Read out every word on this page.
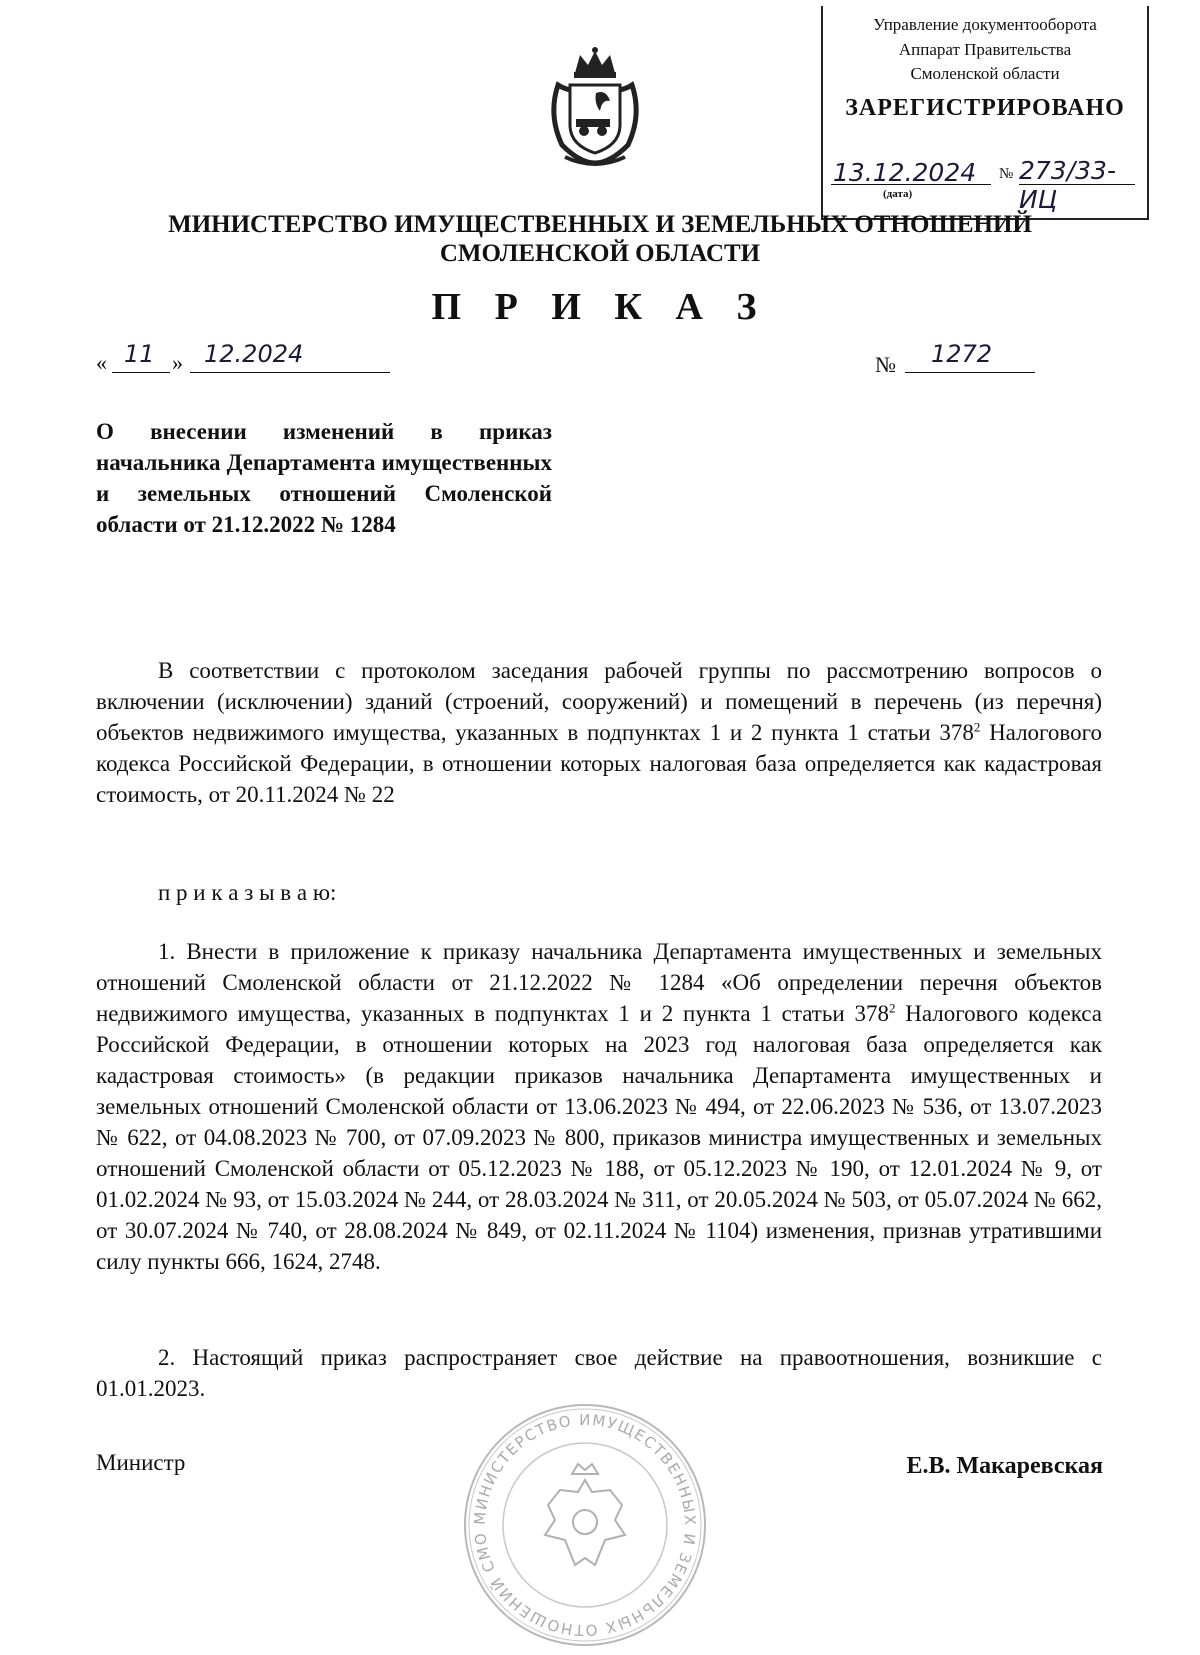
Управление документооборота
Аппарат Правительства
Смоленской области
ЗАРЕГИСТРИРОВАНО
13.12.2024 № 273/33-ИЦ
(дата)
МИНИСТЕРСТВО ИМУЩЕСТВЕННЫХ И ЗЕМЕЛЬНЫХ ОТНОШЕНИЙ
СМОЛЕНСКОЙ ОБЛАСТИ
П Р И К А З
« 11 » 12.2024	№ 1272
О внесении изменений в приказ начальника Департамента имущественных и земельных отношений Смоленской области от 21.12.2022 № 1284
В соответствии с протоколом заседания рабочей группы по рассмотрению вопросов о включении (исключении) зданий (строений, сооружений) и помещений в перечень (из перечня) объектов недвижимого имущества, указанных в подпунктах 1 и 2 пункта 1 статьи $378^2$ Налогового кодекса Российской Федерации, в отношении которых налоговая база определяется как кадастровая стоимость, от 20.11.2024 № 22
п р и к а з ы в а ю:
1. Внести в приложение к приказу начальника Департамента имущественных и земельных отношений Смоленской области от 21.12.2022 № 1284 «Об определении перечня объектов недвижимого имущества, указанных в подпунктах 1 и 2 пункта 1 статьи $378^2$ Налогового кодекса Российской Федерации, в отношении которых на 2023 год налоговая база определяется как кадастровая стоимость» (в редакции приказов начальника Департамента имущественных и земельных отношений Смоленской области от 13.06.2023 № 494, от 22.06.2023 № 536, от 13.07.2023 № 622, от 04.08.2023 № 700, от 07.09.2023 № 800, приказов министра имущественных и земельных отношений Смоленской области от 05.12.2023 № 188, от 05.12.2023 № 190, от 12.01.2024 № 9, от 01.02.2024 № 93, от 15.03.2024 № 244, от 28.03.2024 № 311, от 20.05.2024 № 503, от 05.07.2024 № 662, от 30.07.2024 № 740, от 28.08.2024 № 849, от 02.11.2024 № 1104) изменения, признав утратившими силу пункты 666, 1624, 2748.
2. Настоящий приказ распространяет свое действие на правоотношения, возникшие с 01.01.2023.
МИНИСТЕРСТВО ИМУЩЕСТВЕННЫХ И ЗЕМЕЛЬНЫХ ОТНОШЕНИЙ СМО
Министр	Е.В. Макаревская
